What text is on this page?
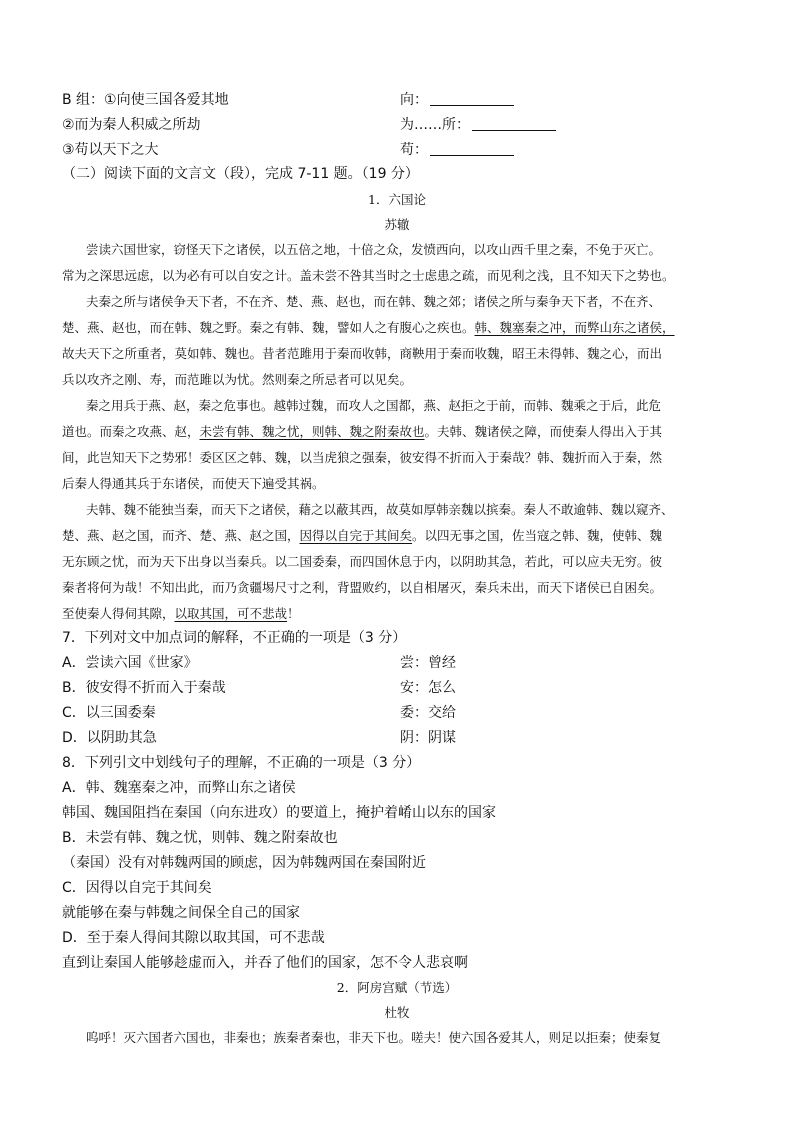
B 组：①向使三国各爱其地	向：
②而为秦人积威之所劫	为……所：
③苟以天下之大	苟：
（二）阅读下面的文言文（段），完成 7-11 题。（19 分）
1．六国论
苏辙
尝读六国世家，窃怪天下之诸侯，以五倍之地，十倍之众，发愤西向，以攻山西千里之秦，不免于灭亡。
常为之深思远虑，以为必有可以自安之计。盖未尝不咎其当时之士虑患之疏，而见利之浅，且不知天下之势也。
夫秦之所与诸侯争天下者，不在齐、楚、燕、赵也，而在韩、魏之郊；诸侯之所与秦争天下者，不在齐、
楚、燕、赵也，而在韩、魏之野。秦之有韩、魏，譬如人之有腹心之疾也。韩、魏塞秦之冲，而弊山东之诸侯，
故夫天下之所重者，莫如韩、魏也。昔者范雎用于秦而收韩，商鞅用于秦而收魏，昭王未得韩、魏之心，而出
兵以攻齐之刚、寿，而范雎以为忧。然则秦之所忌者可以见矣。
秦之用兵于燕、赵，秦之危事也。越韩过魏，而攻人之国都，燕、赵拒之于前，而韩、魏乘之于后，此危
道也。而秦之攻燕、赵，未尝有韩、魏之忧，则韩、魏之附秦故也。夫韩、魏诸侯之障，而使秦人得出入于其
间，此岂知天下之势邪！委区区之韩、魏，以当虎狼之强秦，彼安得不折而入于秦哉？韩、魏折而入于秦，然
后秦人得通其兵于东诸侯，而使天下遍受其祸。
夫韩、魏不能独当秦，而天下之诸侯，藉之以蔽其西，故莫如厚韩亲魏以摈秦。秦人不敢逾韩、魏以窥齐、
楚、燕、赵之国，而齐、楚、燕、赵之国，因得以自完于其间矣。以四无事之国，佐当寇之韩、魏，使韩、魏
无东顾之忧，而为天下出身以当秦兵。以二国委秦，而四国休息于内，以阴助其急，若此，可以应夫无穷。彼
秦者将何为哉！不知出此，而乃贪疆埸尺寸之利，背盟败约，以自相屠灭，秦兵未出，而天下诸侯已自困矣。
至使秦人得伺其隙，以取其国，可不悲哉！
7．下列对文中加点词的解释，不正确的一项是（3 分）
A．尝读六国《世家》	尝：曾经
B．彼安得不折而入于秦哉	安：怎么
C．以三国委秦	委：交给
D．以阴助其急	阴：阴谋
8．下列引文中划线句子的理解，不正确的一项是（3 分）
A．韩、魏塞秦之冲，而弊山东之诸侯
韩国、魏国阻挡在秦国（向东进攻）的要道上，掩护着崤山以东的国家
B．未尝有韩、魏之忧，则韩、魏之附秦故也
（秦国）没有对韩魏两国的顾虑，因为韩魏两国在秦国附近
C．因得以自完于其间矣
就能够在秦与韩魏之间保全自己的国家
D．至于秦人得间其隙以取其国，可不悲哉
直到让秦国人能够趁虚而入，并吞了他们的国家，怎不令人悲哀啊
2．阿房宫赋（节选）
杜牧
呜呼！灭六国者六国也，非秦也；族秦者秦也，非天下也。嗟夫！使六国各爱其人，则足以拒秦；使秦复
